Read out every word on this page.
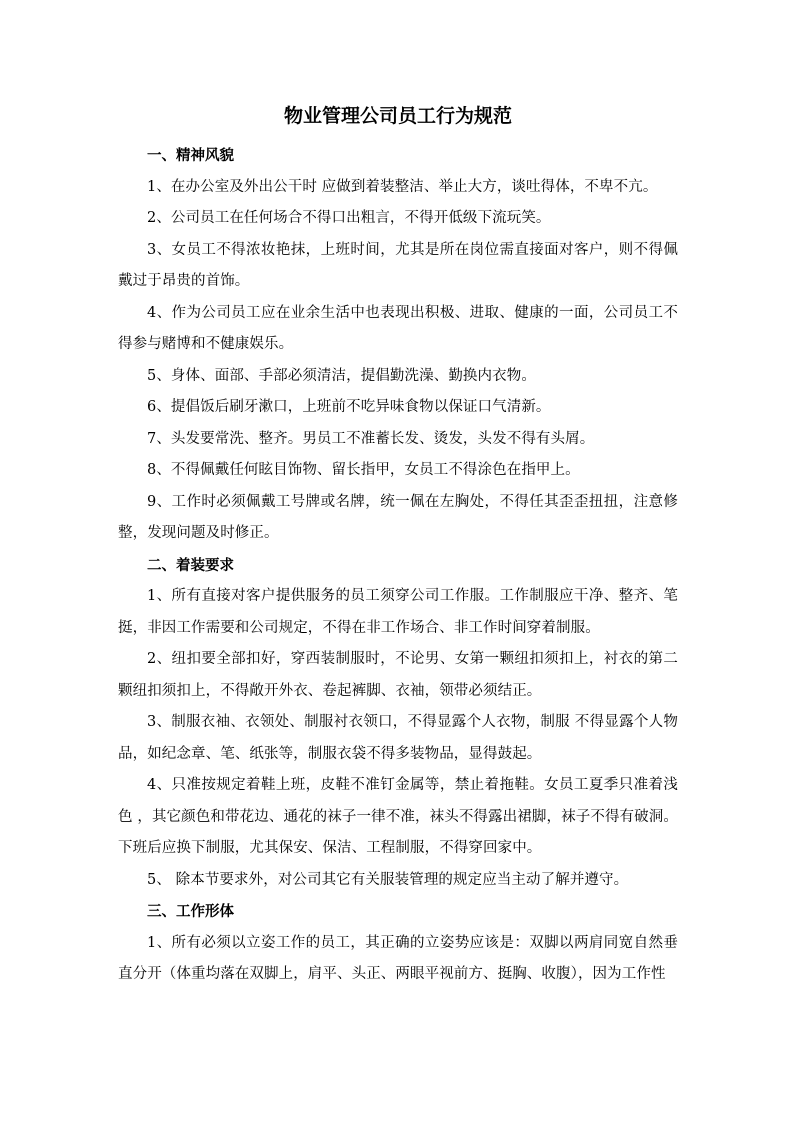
物业管理公司员工行为规范

一、精神风貌

1、在办公室及外出公干时 应做到着装整洁、举止大方，谈吐得体，不卑不亢。

2、公司员工在任何场合不得口出粗言，不得开低级下流玩笑。

3、女员工不得浓妆艳抹，上班时间，尤其是所在岗位需直接面对客户，则不得佩戴过于昂贵的首饰。

4、作为公司员工应在业余生活中也表现出积极、进取、健康的一面，公司员工不得参与赌博和不健康娱乐。

5、身体、面部、手部必须清洁，提倡勤洗澡、勤换内衣物。

6、提倡饭后刷牙漱口，上班前不吃异味食物以保证口气清新。

7、头发要常洗、整齐。男员工不准蓄长发、烫发，头发不得有头屑。

8、不得佩戴任何眩目饰物、留长指甲，女员工不得涂色在指甲上。

9、工作时必须佩戴工号牌或名牌，统一佩在左胸处，不得任其歪歪扭扭，注意修整，发现问题及时修正。

二、着装要求

1、所有直接对客户提供服务的员工须穿公司工作服。工作制服应干净、整齐、笔挺，非因工作需要和公司规定，不得在非工作场合、非工作时间穿着制服。

2、纽扣要全部扣好，穿西装制服时，不论男、女第一颗纽扣须扣上，衬衣的第二颗纽扣须扣上，不得敞开外衣、卷起裤脚、衣袖，领带必须结正。

3、制服衣袖、衣领处、制服衬衣领口，不得显露个人衣物，制服 不得显露个人物品，如纪念章、笔、纸张等，制服衣袋不得多装物品，显得鼓起。

4、只准按规定着鞋上班，皮鞋不准钉金属等，禁止着拖鞋。女员工夏季只准着浅色 ，其它颜色和带花边、通花的袜子一律不准，袜头不得露出裙脚，袜子不得有破洞。下班后应换下制服，尤其保安、保洁、工程制服，不得穿回家中。

5、 除本节要求外，对公司其它有关服装管理的规定应当主动了解并遵守。

三、工作形体

1、所有必须以立姿工作的员工，其正确的立姿势应该是：双脚以两肩同宽自然垂直分开（体重均落在双脚上，肩平、头正、两眼平视前方、挺胸、收腹），因为工作性
